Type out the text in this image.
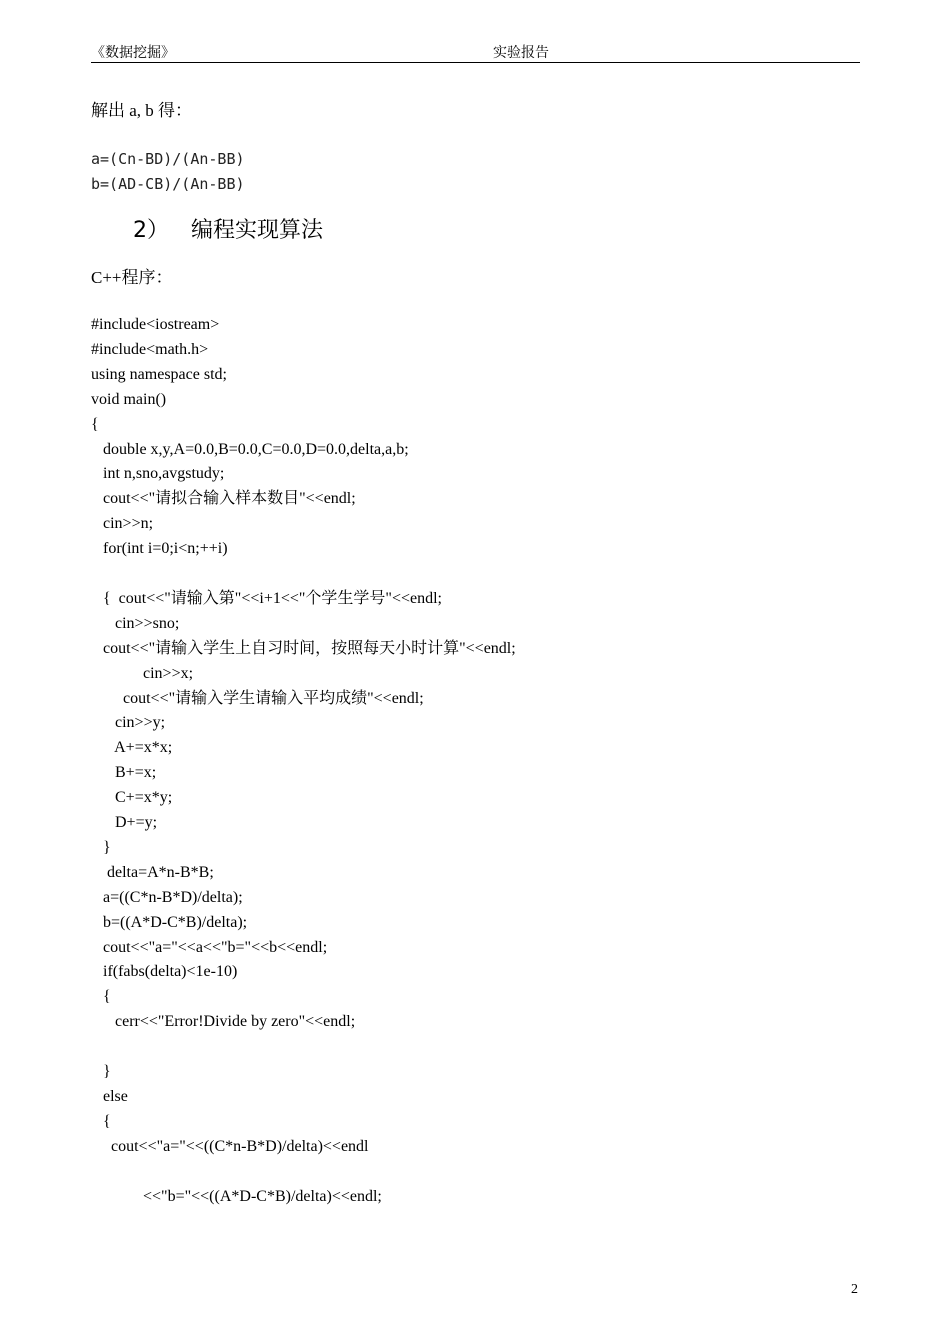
《数据挖掘》	实验报告
解出 a, b 得：
a=(Cn-BD)/(An-BB)
b=(AD-CB)/(An-BB)
2） 编程实现算法
C++程序：
#include<iostream>
#include<math.h>
using namespace std;
void main()
{
double x,y,A=0.0,B=0.0,C=0.0,D=0.0,delta,a,b;
int n,sno,avgstudy;
cout<<"请拟合输入样本数目"<<endl;
cin>>n;
for(int i=0;i<n;++i)
{  cout<<"请输入第"<<i+1<<"个学生学号"<<endl;
cin>>sno;
cout<<"请输入学生上自习时间，按照每天小时计算"<<endl;
cin>>x;
cout<<"请输入学生请输入平均成绩"<<endl;
cin>>y;
A+=x*x;
B+=x;
C+=x*y;
D+=y;
}
delta=A*n-B*B;
a=((C*n-B*D)/delta);
b=((A*D-C*B)/delta);
cout<<"a="<<a<<"b="<<b<<endl;
if(fabs(delta)<1e-10)
{
cerr<<"Error!Divide by zero"<<endl;
}
else
{
cout<<"a="<<((C*n-B*D)/delta)<<endl
<<"b="<<((A*D-C*B)/delta)<<endl;
2
